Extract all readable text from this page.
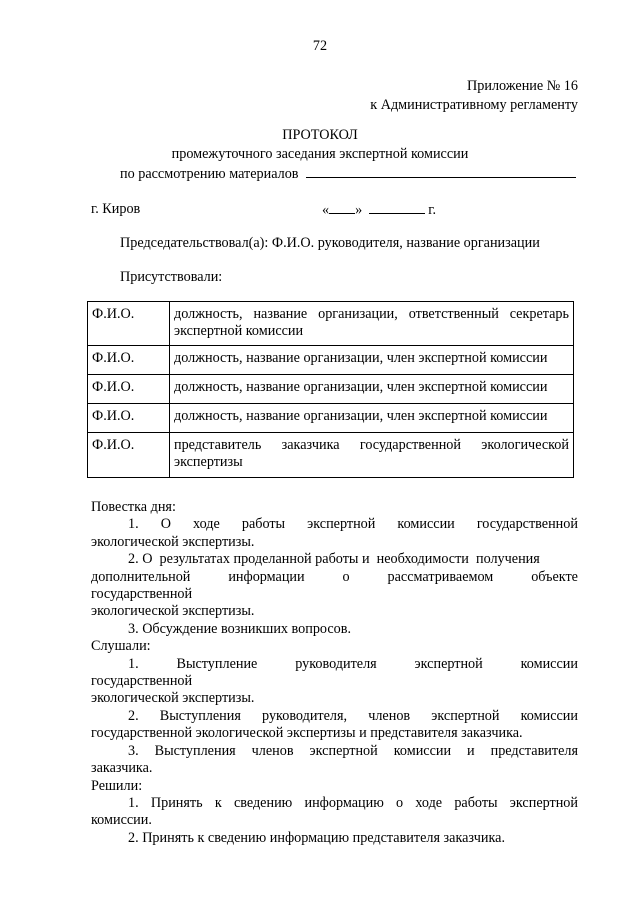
72
Приложение № 16
к Административному регламенту
ПРОТОКОЛ
промежуточного заседания экспертной комиссии
по рассмотрению материалов
г. Киров	« »	г.
Председательствовал(а): Ф.И.О. руководителя, название организации
Присутствовали:
Ф.И.О.	должность, название организации, ответственный секретарь
экспертной комиссии

Ф.И.О.	должность, название организации, член экспертной комиссии
Ф.И.О.	должность, название организации, член экспертной комиссии
Ф.И.О.	должность, название организации, член экспертной комиссии
Ф.И.О.	представитель заказчика государственной экологической
экспертизы
Повестка дня:
1. О ходе работы экспертной комиссии государственной
экологической экспертизы.
2. О  результатах проделанной работы и  необходимости  получения
дополнительной	информации	о	рассматриваемом	объекте
государственной
экологической экспертизы.
3. Обсуждение возникших вопросов.
Слушали:
1.	Выступление	руководителя	экспертной	комиссии
государственной
экологической экспертизы.
2. Выступления руководителя, членов экспертной комиссии
государственной экологической экспертизы и представителя заказчика.
3. Выступления членов экспертной комиссии и представителя
заказчика.
Решили:
1. Принять к сведению информацию о ходе работы экспертной
комиссии.
2. Принять к сведению информацию представителя заказчика.
